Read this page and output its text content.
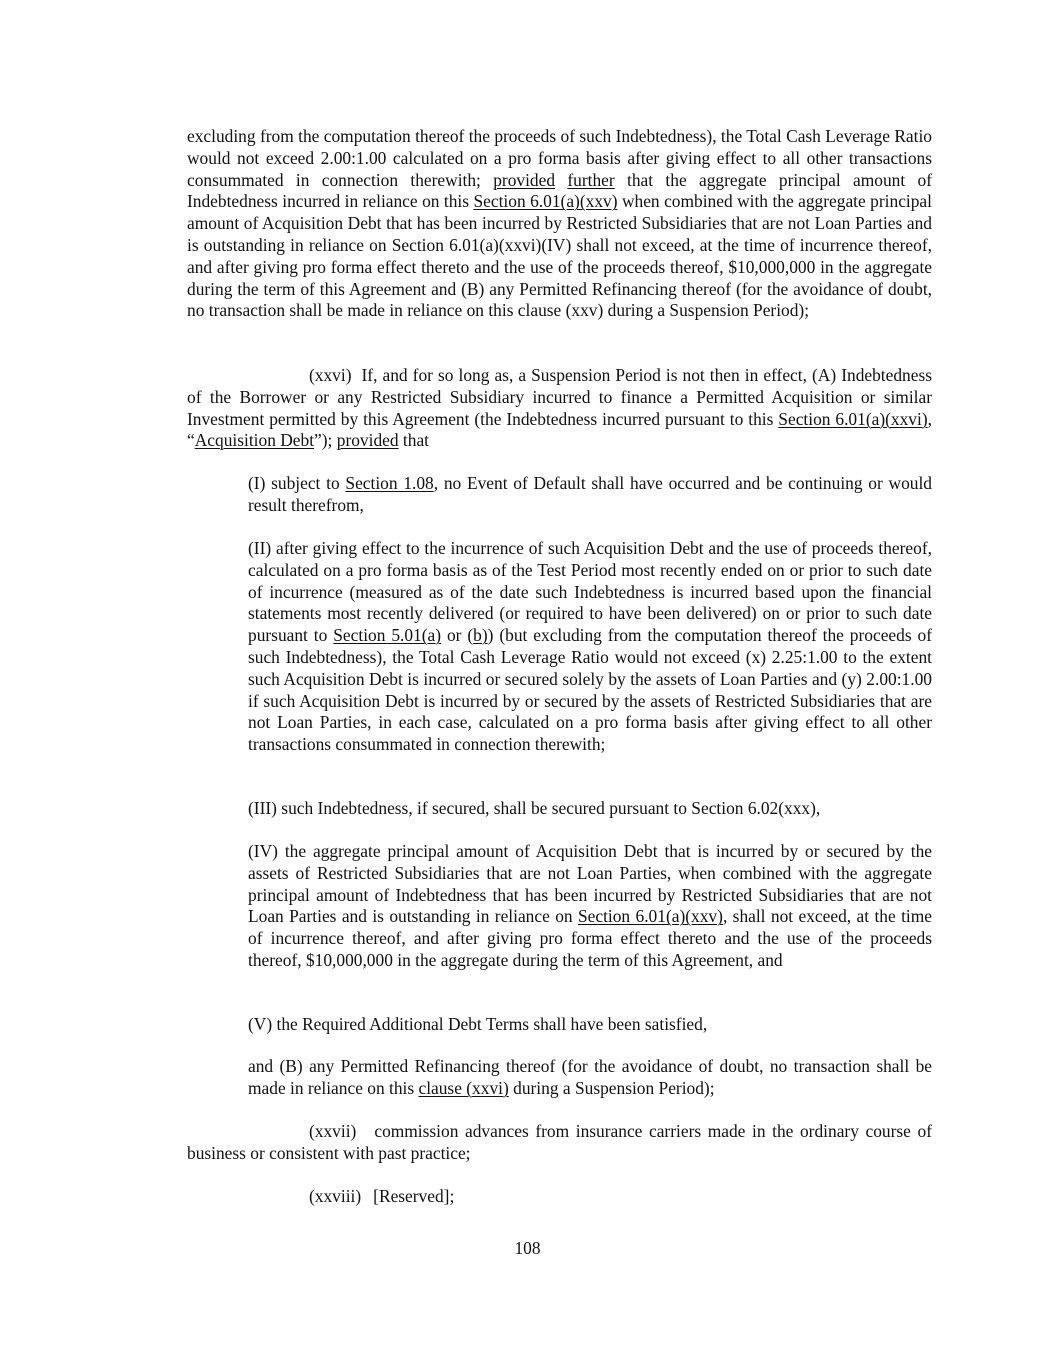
excluding from the computation thereof the proceeds of such Indebtedness), the Total Cash Leverage Ratio would not exceed 2.00:1.00 calculated on a pro forma basis after giving effect to all other transactions consummated in connection therewith; provided further that the aggregate principal amount of Indebtedness incurred in reliance on this Section 6.01(a)(xxv) when combined with the aggregate principal amount of Acquisition Debt that has been incurred by Restricted Subsidiaries that are not Loan Parties and is outstanding in reliance on Section 6.01(a)(xxvi)(IV) shall not exceed, at the time of incurrence thereof, and after giving pro forma effect thereto and the use of the proceeds thereof, $10,000,000 in the aggregate during the term of this Agreement and (B) any Permitted Refinancing thereof (for the avoidance of doubt, no transaction shall be made in reliance on this clause (xxv) during a Suspension Period);

(xxvi) If, and for so long as, a Suspension Period is not then in effect, (A) Indebtedness of the Borrower or any Restricted Subsidiary incurred to finance a Permitted Acquisition or similar Investment permitted by this Agreement (the Indebtedness incurred pursuant to this Section 6.01(a)(xxvi), “Acquisition Debt”); provided that

(I) subject to Section 1.08, no Event of Default shall have occurred and be continuing or would result therefrom,

(II) after giving effect to the incurrence of such Acquisition Debt and the use of proceeds thereof, calculated on a pro forma basis as of the Test Period most recently ended on or prior to such date of incurrence (measured as of the date such Indebtedness is incurred based upon the financial statements most recently delivered (or required to have been delivered) on or prior to such date pursuant to Section 5.01(a) or (b)) (but excluding from the computation thereof the proceeds of such Indebtedness), the Total Cash Leverage Ratio would not exceed (x) 2.25:1.00 to the extent such Acquisition Debt is incurred or secured solely by the assets of Loan Parties and (y) 2.00:1.00 if such Acquisition Debt is incurred by or secured by the assets of Restricted Subsidiaries that are not Loan Parties, in each case, calculated on a pro forma basis after giving effect to all other transactions consummated in connection therewith;

(III) such Indebtedness, if secured, shall be secured pursuant to Section 6.02(xxx),

(IV) the aggregate principal amount of Acquisition Debt that is incurred by or secured by the assets of Restricted Subsidiaries that are not Loan Parties, when combined with the aggregate principal amount of Indebtedness that has been incurred by Restricted Subsidiaries that are not Loan Parties and is outstanding in reliance on Section 6.01(a)(xxv), shall not exceed, at the time of incurrence thereof, and after giving pro forma effect thereto and the use of the proceeds thereof, $10,000,000 in the aggregate during the term of this Agreement, and

(V) the Required Additional Debt Terms shall have been satisfied,

and (B) any Permitted Refinancing thereof (for the avoidance of doubt, no transaction shall be made in reliance on this clause (xxvi) during a Suspension Period);

(xxvii) commission advances from insurance carriers made in the ordinary course of business or consistent with past practice;

(xxviii) [Reserved];

108
